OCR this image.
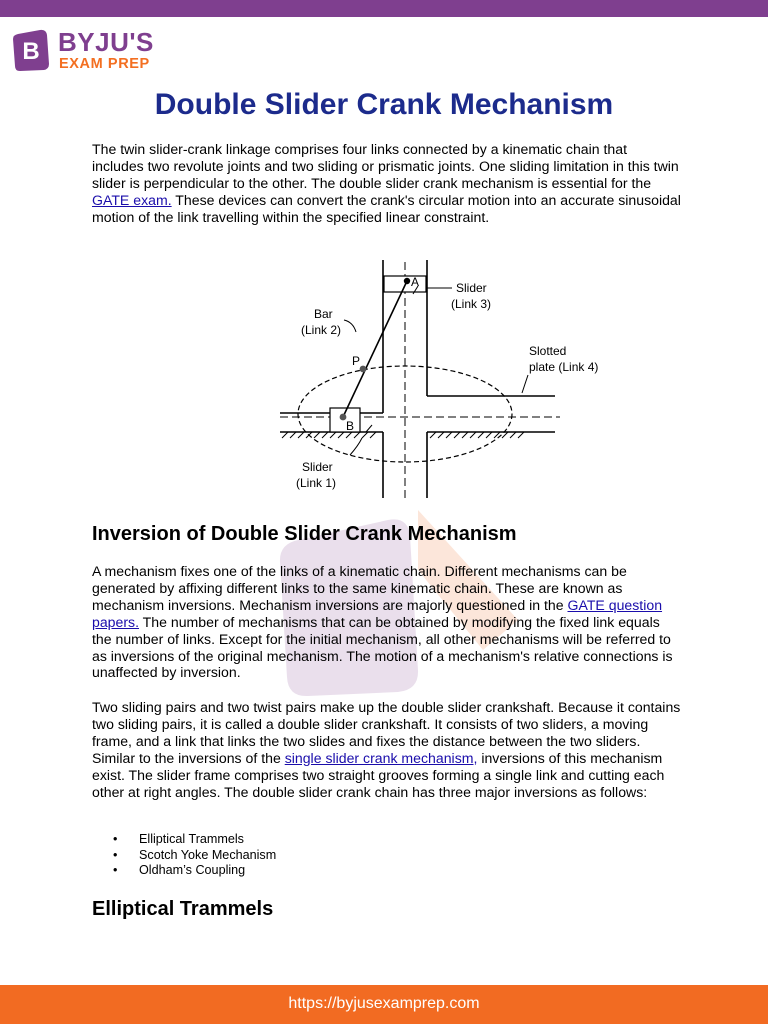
B BYJU'S
EXAM PREP
Double Slider Crank Mechanism

The twin slider-crank linkage comprises four links connected by a kinematic chain that includes two revolute joints and two sliding or prismatic joints. One sliding limitation in this twin slider is perpendicular to the other. The double slider crank mechanism is essential for the GATE exam. These devices can convert the crank's circular motion into an accurate sinusoidal motion of the link travelling within the specified linear constraint.

A
P
B
Slider
(Link 3)
Bar
(Link 2)
Slotted
plate (Link 4)
Slider
(Link 1)
Inversion of Double Slider Crank Mechanism

A mechanism fixes one of the links of a kinematic chain. Different mechanisms can be generated by affixing different links to the same kinematic chain. These are known as mechanism inversions. Mechanism inversions are majorly questioned in the GATE question papers. The number of mechanisms that can be obtained by modifying the fixed link equals the number of links. Except for the initial mechanism, all other mechanisms will be referred to as inversions of the original mechanism. The motion of a mechanism's relative connections is unaffected by inversion.

Two sliding pairs and two twist pairs make up the double slider crankshaft. Because it contains two sliding pairs, it is called a double slider crankshaft. It consists of two sliders, a moving frame, and a link that links the two slides and fixes the distance between the two sliders. Similar to the inversions of the single slider crank mechanism, inversions of this mechanism exist. The slider frame comprises two straight grooves forming a single link and cutting each other at right angles. The double slider crank chain has three major inversions as follows:

• Elliptical Trammels
• Scotch Yoke Mechanism
• Oldham’s Coupling
Elliptical Trammels
https://byjusexamprep.com
